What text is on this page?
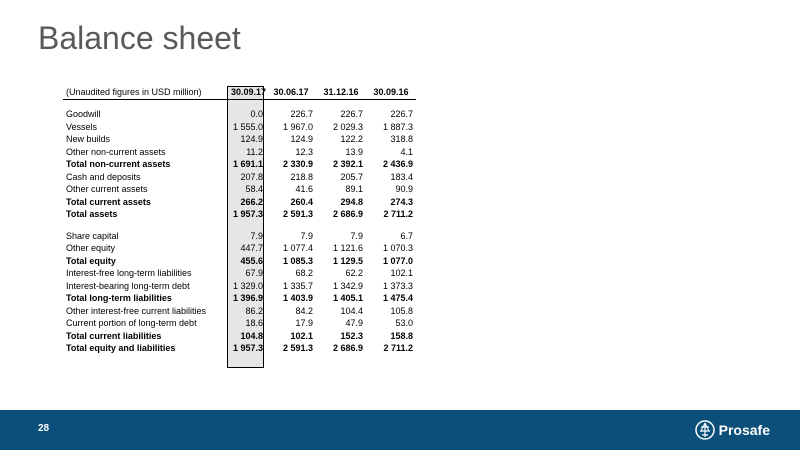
Balance sheet
(Unaudited figures in USD million)	30.09.17	30.06.17	31.12.16	30.09.16

Goodwill	0.0	226.7	226.7	226.7
Vessels	1 555.0	1 967.0	2 029.3	1 887.3
New builds	124.9	124.9	122.2	318.8
Other non-current assets	11.2	12.3	13.9	4.1
Total non-current assets	1 691.1	2 330.9	2 392.1	2 436.9
Cash and deposits	207.8	218.8	205.7	183.4
Other current assets	58.4	41.6	89.1	90.9
Total current assets	266.2	260.4	294.8	274.3
Total assets	1 957.3	2 591.3	2 686.9	2 711.2

Share capital	7.9	7.9	7.9	6.7
Other equity	447.7	1 077.4	1 121.6	1 070.3
Total equity	455.6	1 085.3	1 129.5	1 077.0
Interest-free long-term liabilities	67.9	68.2	62.2	102.1
Interest-bearing long-term debt	1 329.0	1 335.7	1 342.9	1 373.3
Total long-term liabilities	1 396.9	1 403.9	1 405.1	1 475.4
Other interest-free current liabilities	86.2	84.2	104.4	105.8
Current portion of long-term debt	18.6	17.9	47.9	53.0
Total current liabilities	104.8	102.1	152.3	158.8
Total equity and liabilities	1 957.3	2 591.3	2 686.9	2 711.2
28	Prosafe
